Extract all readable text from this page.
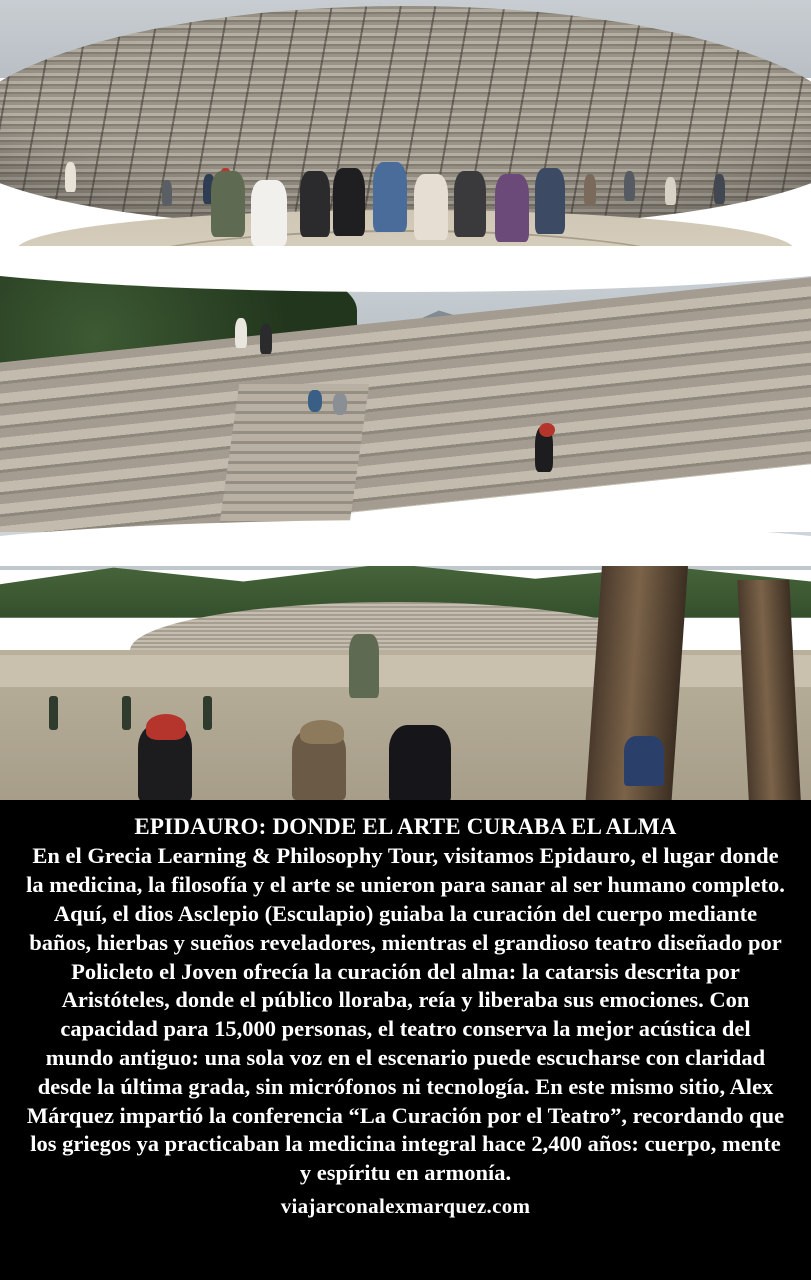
EPIDAURO: DONDE EL ARTE CURABA EL ALMA

En el Grecia Learning & Philosophy Tour, visitamos Epidauro, el lugar donde la medicina, la filosofía y el arte se unieron para sanar al ser humano completo. Aquí, el dios Asclepio (Esculapio) guiaba la curación del cuerpo mediante baños, hierbas y sueños reveladores, mientras el grandioso teatro diseñado por Policleto el Joven ofrecía la curación del alma: la catarsis descrita por Aristóteles, donde el público lloraba, reía y liberaba sus emociones. Con capacidad para 15,000 personas, el teatro conserva la mejor acústica del mundo antiguo: una sola voz en el escenario puede escucharse con claridad desde la última grada, sin micrófonos ni tecnología. En este mismo sitio, Alex Márquez impartió la conferencia “La Curación por el Teatro”, recordando que los griegos ya practicaban la medicina integral hace 2,400 años: cuerpo, mente y espíritu en armonía.

viajarconalexmarquez.com
